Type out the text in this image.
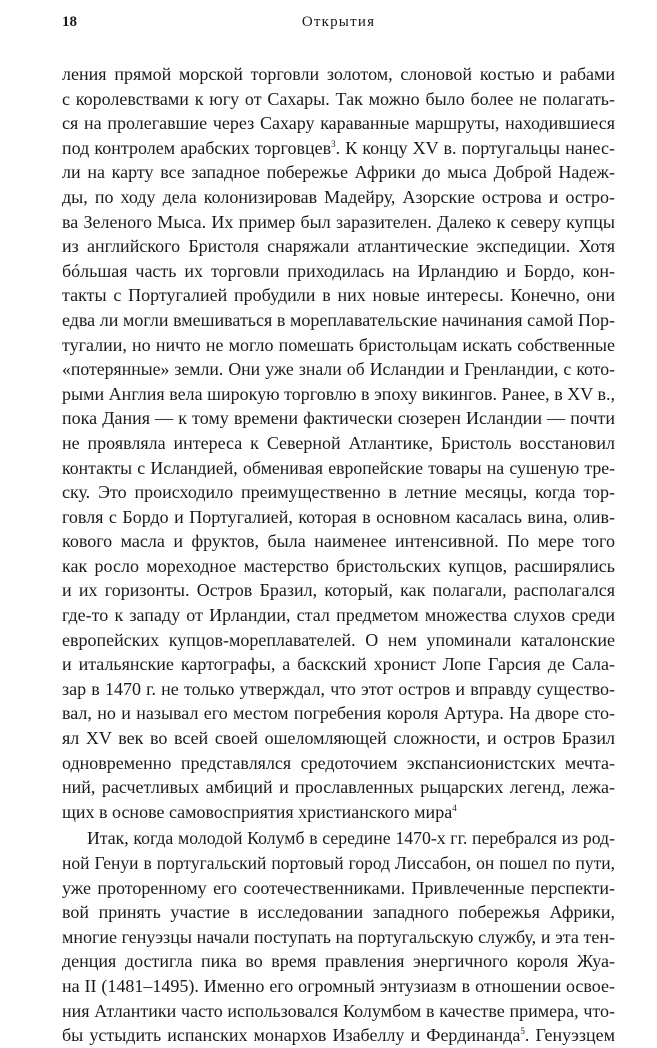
18	Открытия
ления прямой морской торговли золотом, слоновой костью и рабами
с королевствами к югу от Сахары. Так можно было более не полагать-
ся на пролегавшие через Сахару караванные маршруты, находившиеся
под контролем арабских торговцев$^3$. К концу XV в. португальцы нанес-
ли на карту все западное побережье Африки до мыса Доброй Надеж-
ды, по ходу дела колонизировав Мадейру, Азорские острова и остро-
ва Зеленого Мыса. Их пример был заразителен. Далеко к северу купцы
из английского Бристоля снаряжали атлантические экспедиции. Хотя
бóльшая часть их торговли приходилась на Ирландию и Бордо, кон-
такты с Португалией пробудили в них новые интересы. Конечно, они
едва ли могли вмешиваться в мореплавательские начинания самой Пор-
тугалии, но ничто не могло помешать бристольцам искать собственные
«потерянные» земли. Они уже знали об Исландии и Гренландии, с кото-
рыми Англия вела широкую торговлю в эпоху викингов. Ранее, в XV в.,
пока Дания — к тому времени фактически сюзерен Исландии — почти
не проявляла интереса к Северной Атлантике, Бристоль восстановил
контакты с Исландией, обменивая европейские товары на сушеную тре-
ску. Это происходило преимущественно в летние месяцы, когда тор-
говля с Бордо и Португалией, которая в основном касалась вина, олив-
кового масла и фруктов, была наименее интенсивной. По мере того
как росло мореходное мастерство бристольских купцов, расширялись
и их горизонты. Остров Бразил, который, как полагали, располагался
где-то к западу от Ирландии, стал предметом множества слухов среди
европейских купцов-мореплавателей. О нем упоминали каталонские
и итальянские картографы, а баскский хронист Лопе Гарсия де Сала-
зар в 1470 г. не только утверждал, что этот остров и вправду существо-
вал, но и называл его местом погребения короля Артура. На дворе сто-
ял XV век во всей своей ошеломляющей сложности, и остров Бразил
одновременно представлялся средоточием экспансионистских мечта-
ний, расчетливых амбиций и прославленных рыцарских легенд, лежа-
щих в основе самовосприятия христианского мира$^4$
Итак, когда молодой Колумб в середине 1470-х гг. перебрался из род-
ной Генуи в португальский портовый город Лиссабон, он пошел по пути,
уже проторенному его соотечественниками. Привлеченные перспекти-
вой принять участие в исследовании западного побережья Африки,
многие генуэзцы начали поступать на португальскую службу, и эта тен-
денция достигла пика во время правления энергичного короля Жуа-
на II (1481–1495). Именно его огромный энтузиазм в отношении освое-
ния Атлантики часто использовался Колумбом в качестве примера, что-
бы устыдить испанских монархов Изабеллу и Фердинанда$^5$. Генуэзцем
